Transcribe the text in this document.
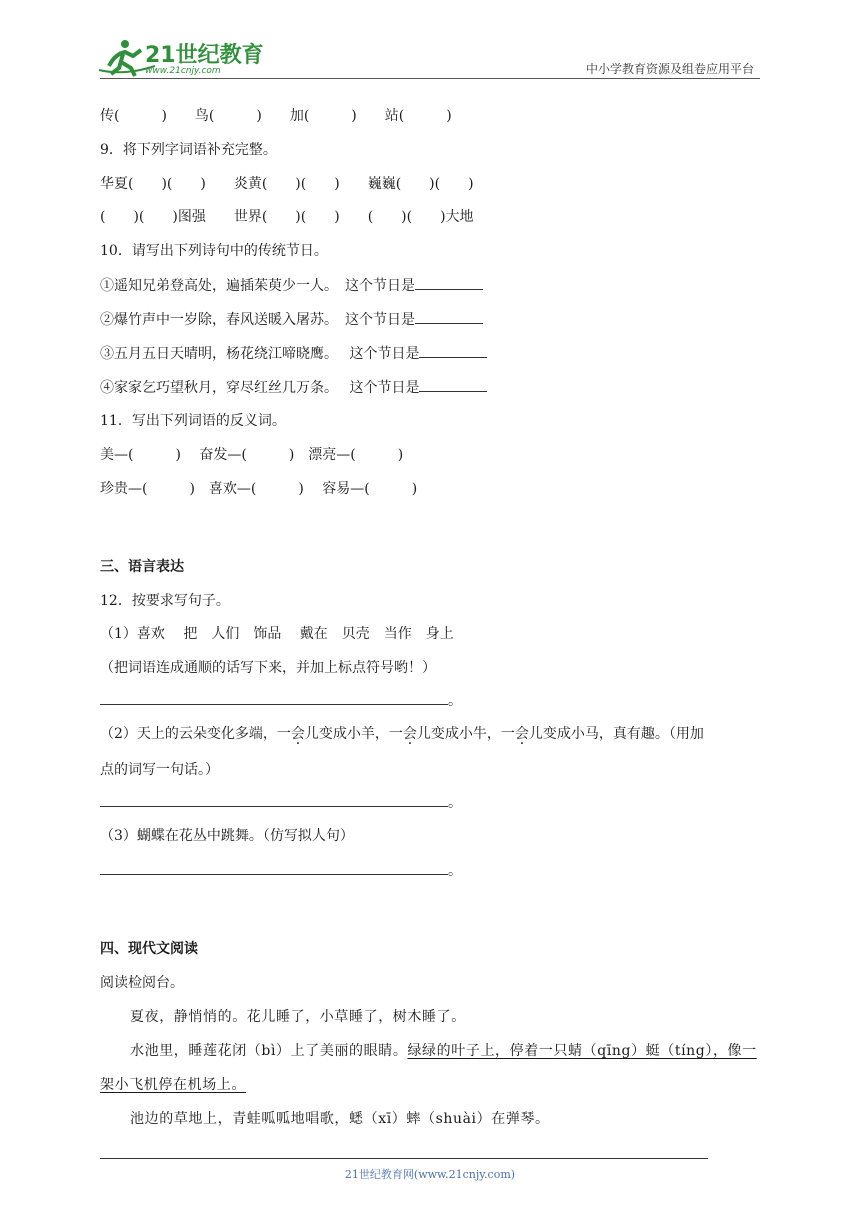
21世纪教育
www.21cnjy.com	中小学教育资源及组卷应用平台
传(　　　)　　鸟(　　　)　　加(　　　)　　站(　　　)
9．将下列字词语补充完整。
华夏(　　)(　　)　　炎黄(　　)(　　)　　巍巍(　　)(　　)
(　　)(　　)图强　　世界(　　)(　　)　　(　　)(　　)大地
10．请写出下列诗句中的传统节日。
①遥知兄弟登高处，遍插茱萸少一人。　这个节日是
②爆竹声中一岁除，春风送暖入屠苏。　这个节日是
③五月五日天晴明，杨花绕江啼晓鹰。　 这个节日是
④家家乞巧望秋月，穿尽红丝几万条。　 这个节日是
11．写出下列词语的反义词。
美—(　　　)　 奋发—(　　　)　漂亮—(　　　)
珍贵—(　　　)　喜欢—(　　　)　 容易—(　　　)
三、语言表达
12．按要求写句子。
（1）喜欢　 把　人们　饰品　 戴在　贝壳　当作　身上
（把词语连成通顺的话写下来，并加上标点符号哟！）
。
（2）天上的云朵变化多端，一会儿变成小羊，一会儿变成小牛，一会儿变成小马，真有趣。（用加
点的词写一句话。）
。
（3）蝴蝶在花丛中跳舞。（仿写拟人句）
。
四、现代文阅读
阅读检阅台。
夏夜，静悄悄的。花儿睡了，小草睡了，树木睡了。
水池里，睡莲花闭（bì）上了美丽的眼睛。绿绿的叶子上，停着一只蜻（qīng）蜓（tíng），像一
架小飞机停在机场上。
池边的草地上，青蛙呱呱地唱歌，蟋（xī）蟀（shuài）在弹琴。
21世纪教育网(www.21cnjy.com)
